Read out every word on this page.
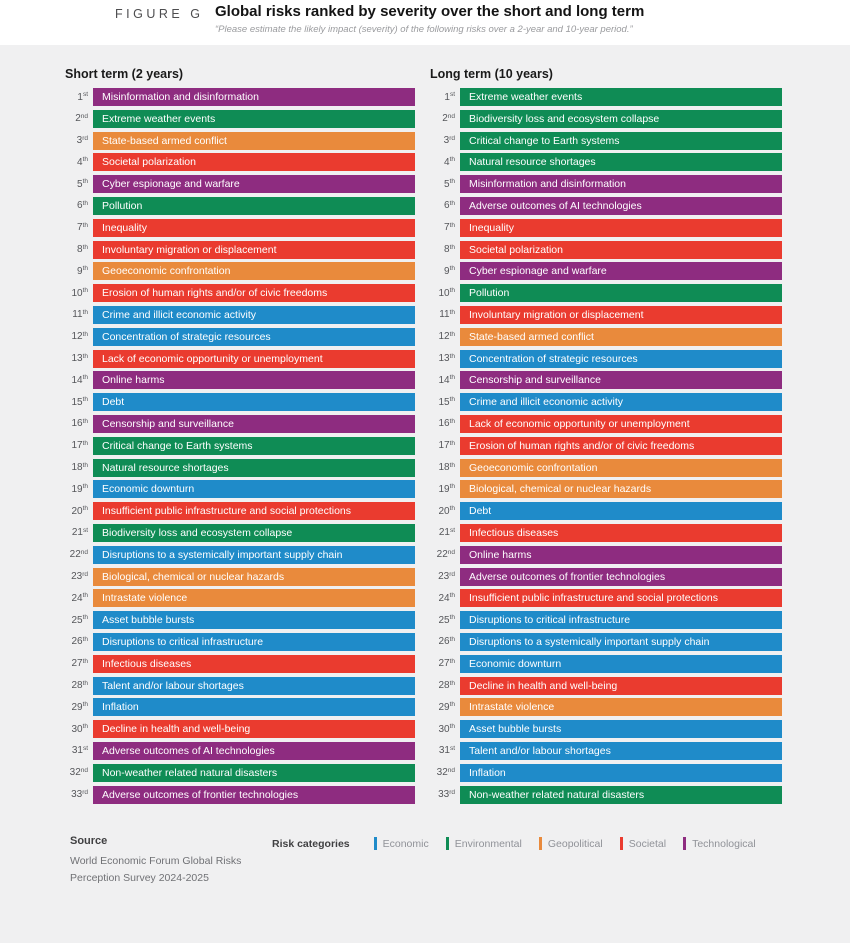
FIGURE G Global risks ranked by severity over the short and long term
“Please estimate the likely impact (severity) of the following risks over a 2-year and 10-year period.”
Short term (2 years)
1st Misinformation and disinformation
2nd Extreme weather events
3rd State-based armed conflict
4th Societal polarization
5th Cyber espionage and warfare
6th Pollution
7th Inequality
8th Involuntary migration or displacement
9th Geoeconomic confrontation
10th Erosion of human rights and/or of civic freedoms
11th Crime and illicit economic activity
12th Concentration of strategic resources
13th Lack of economic opportunity or unemployment
14th Online harms
15th Debt
16th Censorship and surveillance
17th Critical change to Earth systems
18th Natural resource shortages
19th Economic downturn
20th Insufficient public infrastructure and social protections
21st Biodiversity loss and ecosystem collapse
22nd Disruptions to a systemically important supply chain
23rd Biological, chemical or nuclear hazards
24th Intrastate violence
25th Asset bubble bursts
26th Disruptions to critical infrastructure
27th Infectious diseases
28th Talent and/or labour shortages
29th Inflation
30th Decline in health and well-being
31st Adverse outcomes of AI technologies
32nd Non-weather related natural disasters
33rd Adverse outcomes of frontier technologies
Long term (10 years)
1st Extreme weather events
2nd Biodiversity loss and ecosystem collapse
3rd Critical change to Earth systems
4th Natural resource shortages
5th Misinformation and disinformation
6th Adverse outcomes of AI technologies
7th Inequality
8th Societal polarization
9th Cyber espionage and warfare
10th Pollution
11th Involuntary migration or displacement
12th State-based armed conflict
13th Concentration of strategic resources
14th Censorship and surveillance
15th Crime and illicit economic activity
16th Lack of economic opportunity or unemployment
17th Erosion of human rights and/or of civic freedoms
18th Geoeconomic confrontation
19th Biological, chemical or nuclear hazards
20th Debt
21st Infectious diseases
22nd Online harms
23rd Adverse outcomes of frontier technologies
24th Insufficient public infrastructure and social protections
25th Disruptions to critical infrastructure
26th Disruptions to a systemically important supply chain
27th Economic downturn
28th Decline in health and well-being
29th Intrastate violence
30th Asset bubble bursts
31st Talent and/or labour shortages
32nd Inflation
33rd Non-weather related natural disasters
Source
World Economic Forum Global Risks
Perception Survey 2024-2025
Risk categories	Economic Environmental Geopolitical Societal Technological
